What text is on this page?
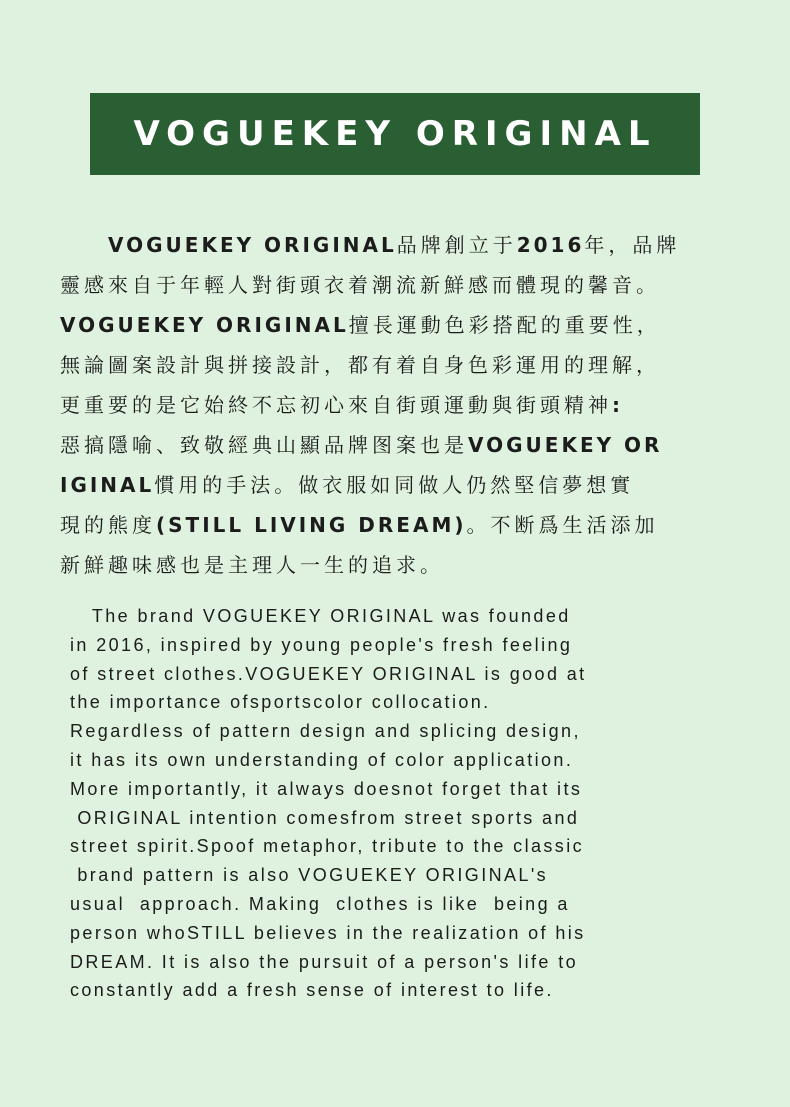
VOGUEKEY ORIGINAL
VOGUEKEY ORIGINAL品牌創立于2016年，品牌
靈感來自于年輕人對街頭衣着潮流新鮮感而體現的馨音。
VOGUEKEY ORIGINAL擅長運動色彩搭配的重要性，
無論圖案設計與拼接設計，都有着自身色彩運用的理解，
更重要的是它始終不忘初心來自街頭運動與街頭精神:
惡搞隱喻、致敬經典山顯品牌图案也是VOGUEKEY OR
IGINAL慣用的手法。做衣服如同做人仍然堅信夢想實
現的熊度(STILL LIVING DREAM)。不断爲生活添加
新鮮趣味感也是主理人一生的追求。
The brand VOGUEKEY ORIGINAL was founded
in 2016, inspired by young people's fresh feeling
of street clothes.VOGUEKEY ORIGINAL is good at
the importance ofsportscolor collocation.
Regardless of pattern design and splicing design,
it has its own understanding of color application.
More importantly, it always doesnot forget that its
ORIGINAL intention comesfrom street sports and
street spirit.Spoof metaphor, tribute to the classic
brand pattern is also VOGUEKEY ORIGINAL's
usual  approach. Making  clothes is like  being a
person whoSTILL believes in the realization of his
DREAM. It is also the pursuit of a person's life to
constantly add a fresh sense of interest to life.
